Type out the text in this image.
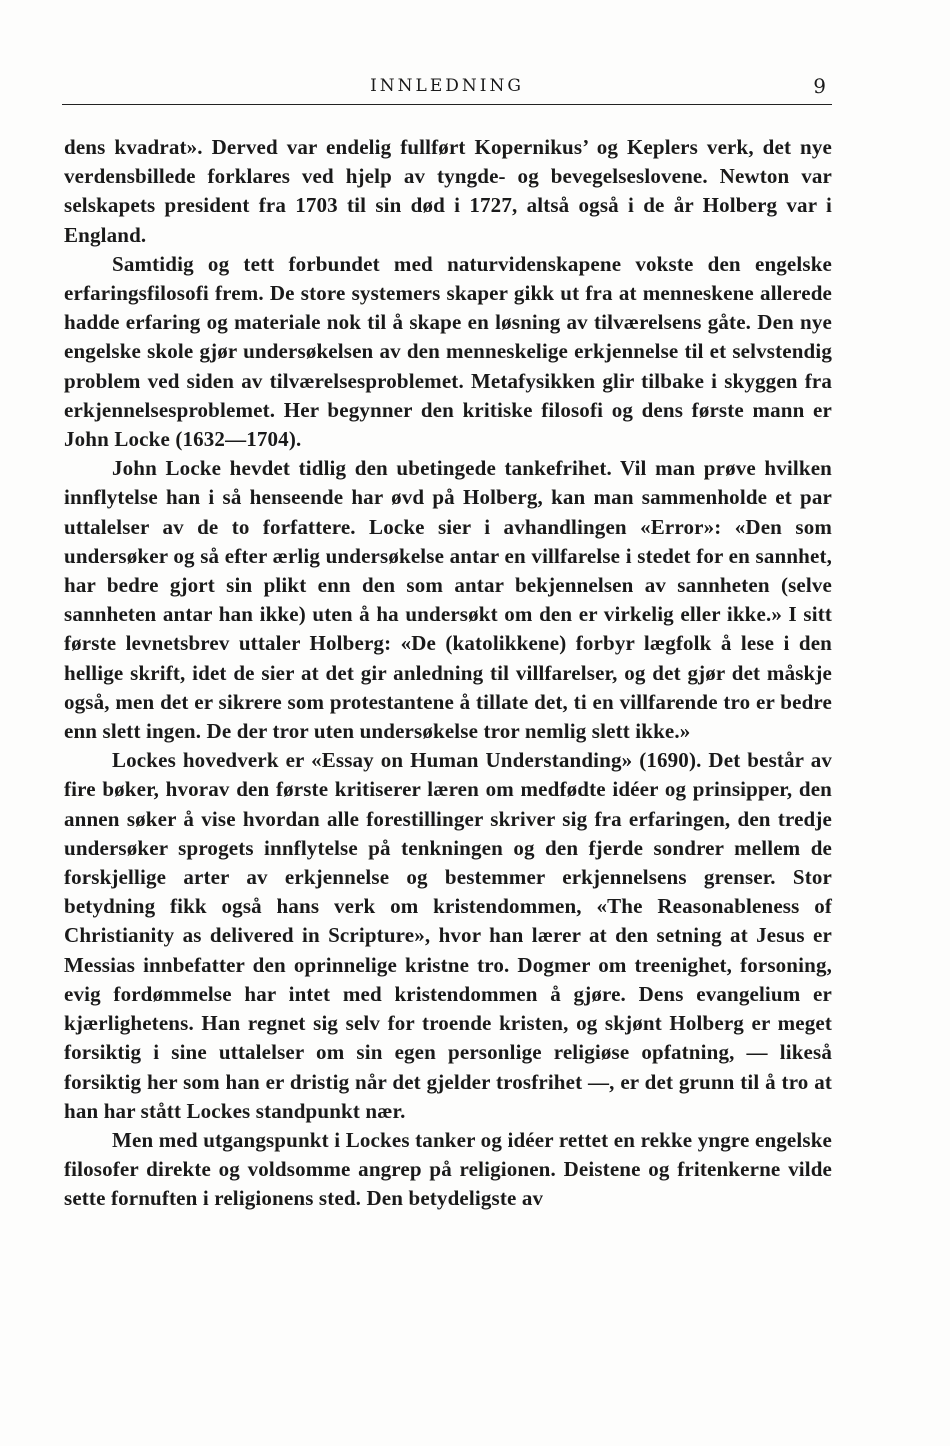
INNLEDNING	9

dens kvadrat». Derved var endelig fullført Kopernikus’ og Keplers verk, det nye verdensbillede forklares ved hjelp av tyngde- og bevegelseslovene. Newton var selskapets president fra 1703 til sin død i 1727, altså også i de år Holberg var i England.

Samtidig og tett forbundet med naturvidenskapene vokste den engelske erfaringsfilosofi frem. De store systemers skaper gikk ut fra at menneskene allerede hadde erfaring og materiale nok til å skape en løsning av tilværelsens gåte. Den nye engelske skole gjør undersøkelsen av den menneskelige erkjennelse til et selvstendig problem ved siden av tilværelsesproblemet. Metafysikken glir tilbake i skyggen fra erkjennelsesproblemet. Her begynner den kritiske filosofi og dens første mann er John Locke (1632—1704).

John Locke hevdet tidlig den ubetingede tankefrihet. Vil man prøve hvilken innflytelse han i så henseende har øvd på Holberg, kan man sammenholde et par uttalelser av de to forfattere. Locke sier i avhandlingen «Error»: «Den som undersøker og så efter ærlig undersøkelse antar en villfarelse i stedet for en sannhet, har bedre gjort sin plikt enn den som antar bekjennelsen av sannheten (selve sannheten antar han ikke) uten å ha undersøkt om den er virkelig eller ikke.» I sitt første levnetsbrev uttaler Holberg: «De (katolikkene) forbyr lægfolk å lese i den hellige skrift, idet de sier at det gir anledning til villfarelser, og det gjør det måskje også, men det er sikrere som protestantene å tillate det, ti en villfarende tro er bedre enn slett ingen. De der tror uten undersøkelse tror nemlig slett ikke.»

Lockes hovedverk er «Essay on Human Understanding» (1690). Det består av fire bøker, hvorav den første kritiserer læren om medfødte idéer og prinsipper, den annen søker å vise hvordan alle forestillinger skriver sig fra erfaringen, den tredje undersøker sprogets innflytelse på tenkningen og den fjerde sondrer mellem de forskjellige arter av erkjennelse og bestemmer erkjennelsens grenser. Stor betydning fikk også hans verk om kristendommen, «The Reasonableness of Christianity as delivered in Scripture», hvor han lærer at den setning at Jesus er Messias innbefatter den oprinnelige kristne tro. Dogmer om treenighet, forsoning, evig fordømmelse har intet med kristendommen å gjøre. Dens evangelium er kjærlighetens. Han regnet sig selv for troende kristen, og skjønt Holberg er meget forsiktig i sine uttalelser om sin egen personlige religiøse opfatning, — likeså forsiktig her som han er dristig når det gjelder trosfrihet —, er det grunn til å tro at han har stått Lockes standpunkt nær.

Men med utgangspunkt i Lockes tanker og idéer rettet en rekke yngre engelske filosofer direkte og voldsomme angrep på religionen. Deistene og fritenkerne vilde sette fornuften i religionens sted. Den betydeligste av
